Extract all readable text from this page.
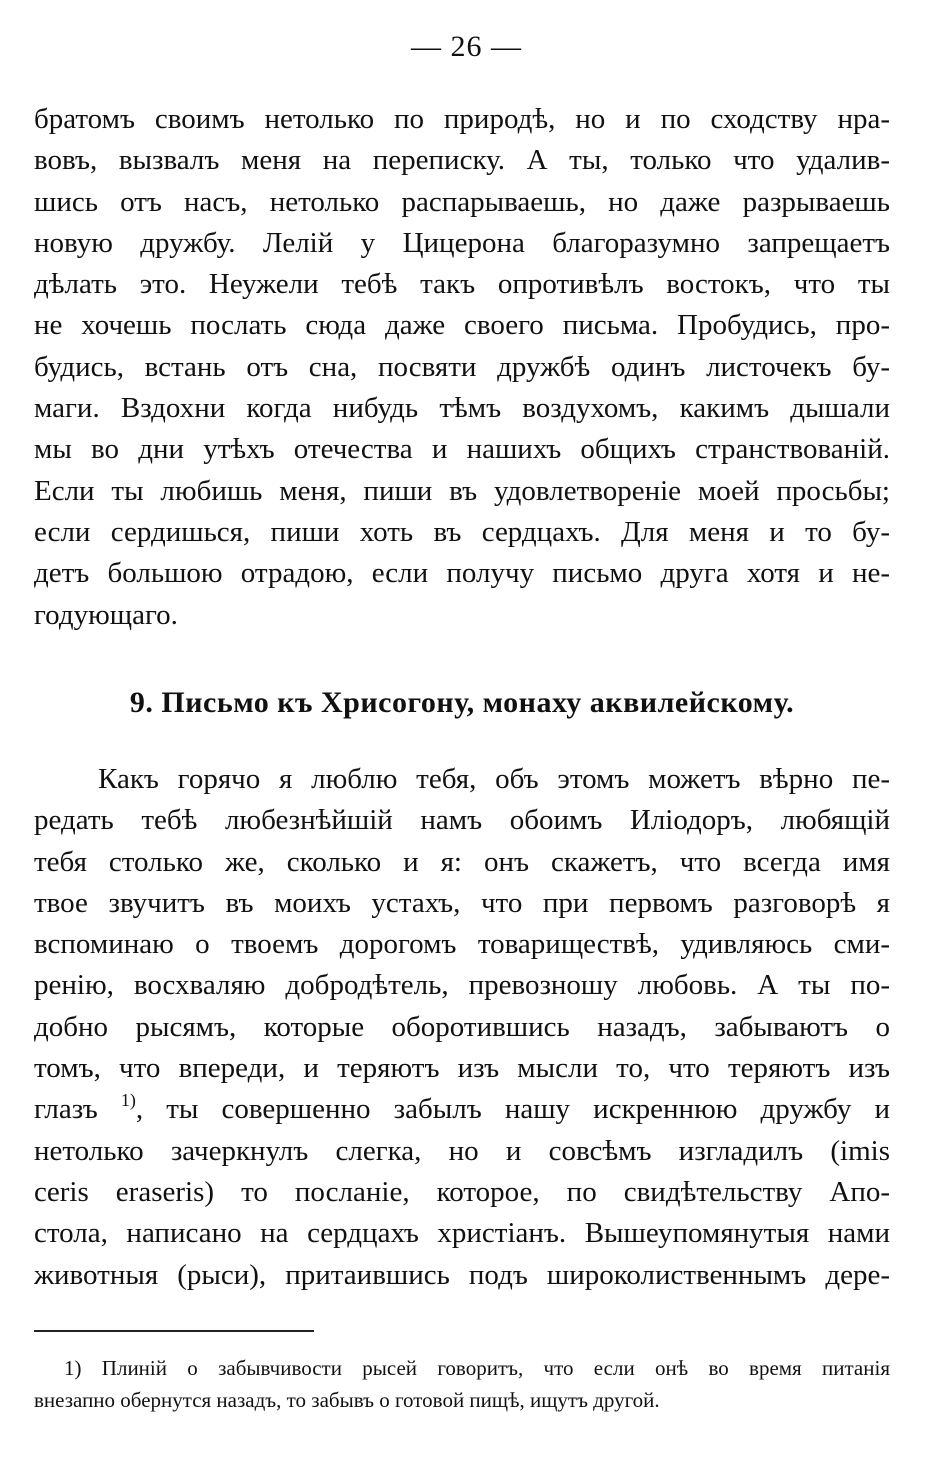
— 26 —
братомъ своимъ нетолько по природѣ, но и по сходству нра-
вовъ, вызвалъ меня на переписку. А ты, только что удалив-
шись отъ насъ, нетолько распарываешь, но даже разрываешь
новую дружбу. Лелій у Цицерона благоразумно запрещаетъ
дѣлать это. Неужели тебѣ такъ опротивѣлъ востокъ, что ты
не хочешь послать сюда даже своего письма. Пробудись, про-
будись, встань отъ сна, посвяти дружбѣ одинъ листочекъ бу-
маги. Вздохни когда нибудь тѣмъ воздухомъ, какимъ дышали
мы во дни утѣхъ отечества и нашихъ общихъ странствованій.
Если ты любишь меня, пиши въ удовлетвореніе моей просьбы;
если сердишься, пиши хоть въ сердцахъ. Для меня и то бу-
детъ большою отрадою, если получу письмо друга хотя и не-
годующаго.
9. Письмо къ Хрисогону, монаху аквилейскому.
Какъ горячо я люблю тебя, объ этомъ можетъ вѣрно пе-
редать тебѣ любезнѣйшій намъ обоимъ Иліодоръ, любящій
тебя столько же, сколько и я: онъ скажетъ, что всегда имя
твое звучитъ въ моихъ устахъ, что при первомъ разговорѣ я
вспоминаю о твоемъ дорогомъ товариществѣ, удивляюсь сми-
ренію, восхваляю добродѣтель, превозношу любовь. А ты по-
добно рысямъ, которые оборотившись назадъ, забываютъ о
томъ, что впереди, и теряютъ изъ мысли то, что теряютъ изъ
глазъ $^{1)}$, ты совершенно забылъ нашу искреннюю дружбу и
нетолько зачеркнулъ слегка, но и совсѣмъ изгладилъ (imis
ceris eraseris) то посланіе, которое, по свидѣтельству Апо-
стола, написано на сердцахъ христіанъ. Вышеупомянутыя нами
животныя (рыси), притаившись подъ широколиственнымъ дере-
1) Плиній о забывчивости рысей говоритъ, что если онѣ во время питанія
внезапно обернутся назадъ, то забывъ о готовой пищѣ, ищутъ другой.
